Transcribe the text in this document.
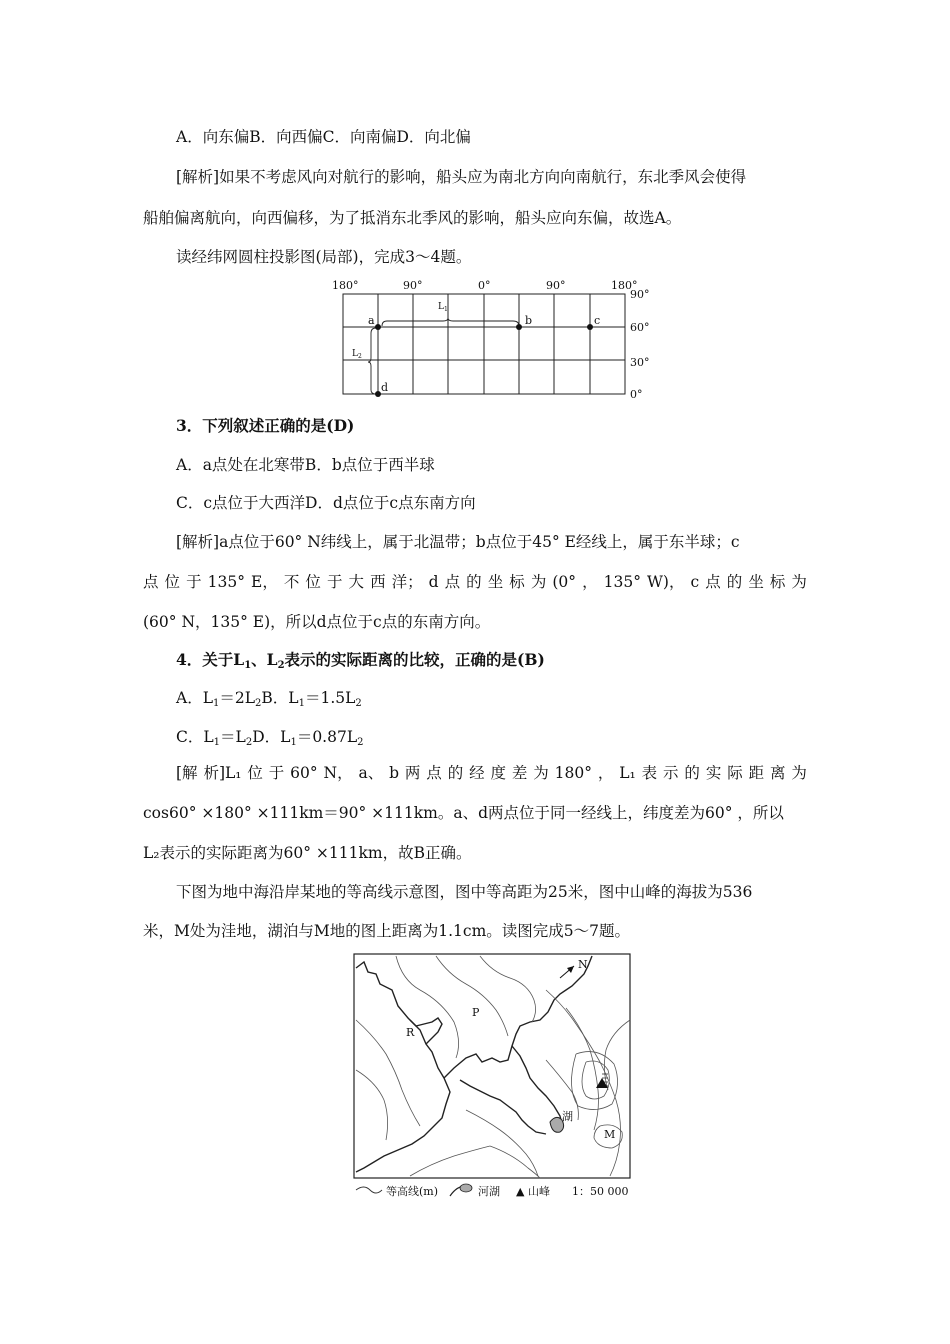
A．向东偏B．向西偏C．向南偏D．向北偏
[解析]如果不考虑风向对航行的影响，船头应为南北方向向南航行，东北季风会使得
船舶偏离航向，向西偏移，为了抵消东北季风的影响，船头应向东偏，故选A。
读经纬网圆柱投影图(局部)，完成3～4题。
180°	90°	0°	90°	180°
90°
60°
30°
0°
a	b	c
d
$L_1$
$L_2$
3．下列叙述正确的是(D)
A．a点处在北寒带B．b点位于西半球
C．c点位于大西洋D．d点位于c点东南方向
[解析]a点位于60° N纬线上，属于北温带；b点位于45° E经线上，属于东半球；c
点 位 于 135° E， 不 位 于 大 西 洋； d 点 的 坐 标 为 (0° ， 135° W)， c 点 的 坐 标 为
(60° N，135° E)，所以d点位于c点的东南方向。
4．关于$L_1$、$L_2$表示的实际距离的比较，正确的是(B)
A．$L_1=2L_2B$．$L_1=1.5L_2$
C．$L_1=L_2D$．$L_1=0.87L_2$
[解 析]L₁ 位 于 60° N， a、 b 两 点 的 经 度 差 为 180° ， L₁ 表 示 的 实 际 距 离 为
cos60° ×180° ×111km＝90° ×111km。a、d两点位于同一经线上，纬度差为60° ，所以
L₂表示的实际距离为60° ×111km，故B正确。
下图为地中海沿岸某地的等高线示意图，图中等高距为25米，图中山峰的海拔为536
米，M处为洼地，湖泊与M地的图上距离为1.1cm。读图完成5～7题。
N
R
P
湖
M
等高线(m)	河湖 ▲ 山峰 1：50 000
